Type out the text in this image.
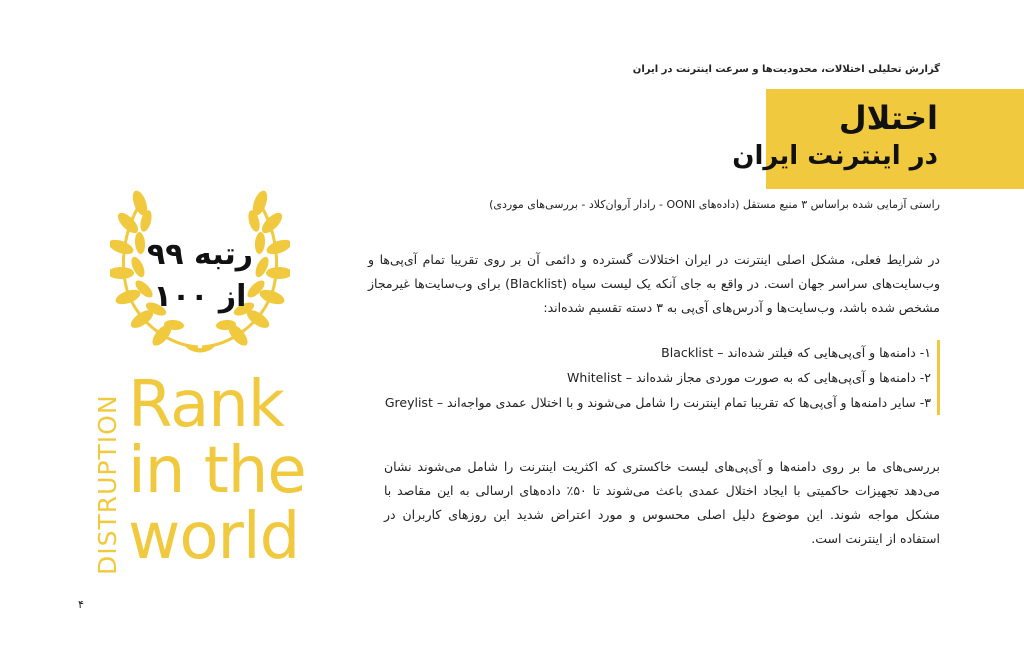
گزارش تحلیلی اختلالات، محدودیت‌ها و سرعت اینترنت در ایران
اختلال
در اینترنت ایران
راستی آزمایی شده براساس ۳ منبع مستقل (داده‌های OONI - رادار آروان‌کلاد - بررسی‌های موردی)
در شرایط فعلی، مشکل اصلی اینترنت در ایران اختلالات گسترده و دائمی آن بر روی تقریبا تمام آی‌پی‌ها و وب‌سایت‌های سراسر جهان است. در واقع به جای آنکه یک لیست سیاه (Blacklist) برای وب‌سایت‌ها غیرمجاز مشخص شده باشد، وب‌سایت‌ها و آدرس‌های آی‌پی به ۳ دسته تقسیم شده‌اند:
۱- دامنه‌ها و آی‌پی‌هایی که فیلتر شده‌اند – Blacklist
۲- دامنه‌ها و آی‌پی‌هایی که به صورت موردی مجاز شده‌اند – Whitelist
۳- سایر دامنه‌ها و آی‌پی‌ها که تقریبا تمام اینترنت را شامل می‌شوند و با اختلال عمدی مواجه‌اند – Greylist
بررسی‌های ما بر روی دامنه‌ها و آی‌پی‌های لیست خاکستری که اکثریت اینترنت را شامل می‌شوند نشان می‌دهد تجهیزات حاکمیتی با ایجاد اختلال عمدی باعث می‌شوند تا ۵۰٪ داده‌های ارسالی به این مقاصد با مشکل مواجه شوند. این موضوع دلیل اصلی محسوس و مورد اعتراض شدید این روزهای کاربران در استفاده از اینترنت است.
رتبه ۹۹
از ۱۰۰
DISTRUPTION Rank
in the
world
۴
